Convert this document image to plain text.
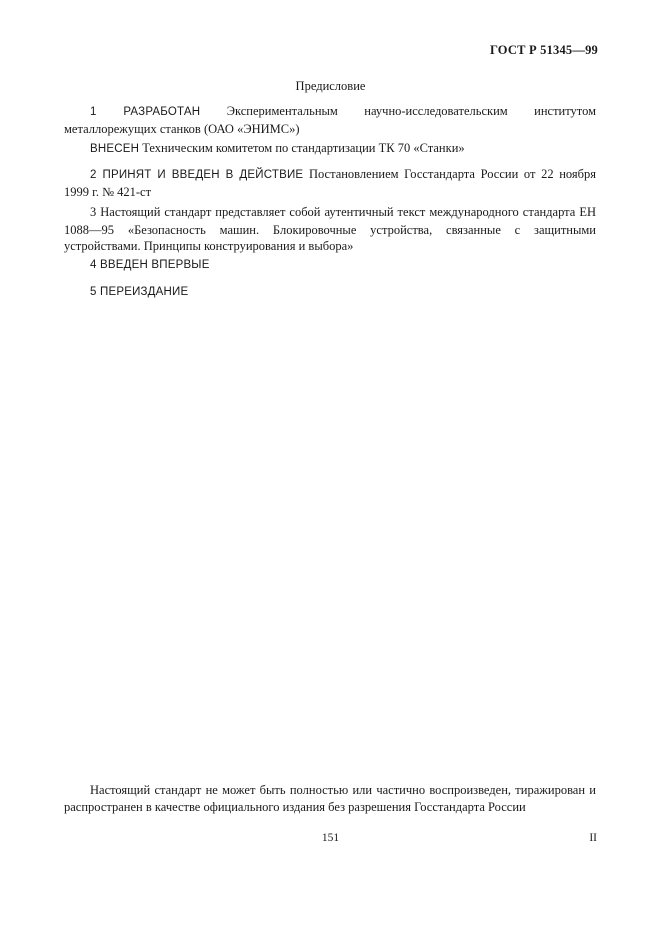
ГОСТ Р 51345—99
Предисловие

1 РАЗРАБОТАН Экспериментальным научно-исследовательским институтом металлорежущих станков (ОАО «ЭНИМС»)

ВНЕСЕН Техническим комитетом по стандартизации ТК 70 «Станки»

2 ПРИНЯТ И ВВЕДЕН В ДЕЙСТВИЕ Постановлением Госстандарта России от 22 ноября 1999 г. № 421-ст

3 Настоящий стандарт представляет собой аутентичный текст международного стандарта ЕН 1088—95 «Безопасность машин. Блокировочные устройства, связанные с защитными устройствами. Принципы конструирования и выбора»

4 ВВЕДЕН ВПЕРВЫЕ

5 ПЕРЕИЗДАНИЕ

Настоящий стандарт не может быть полностью или частично воспроизведен, тиражирован и распространен в качестве официального издания без разрешения Госстандарта России

151	II
